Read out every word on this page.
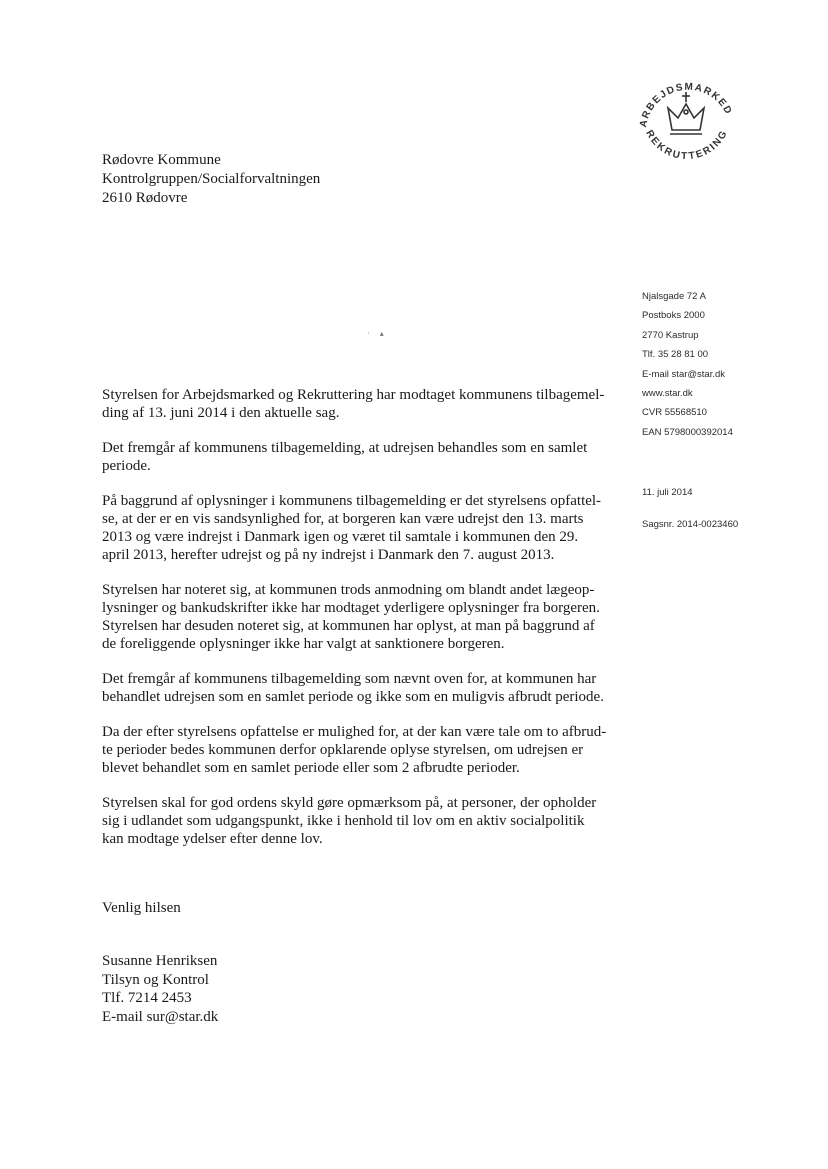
ARBEJDSMARKED
REKRUTTERING
Rødovre Kommune
Kontrolgruppen/Socialforvaltningen
2610 Rødovre
·    ▴
Njalsgade 72 A
Postboks 2000
2770 Kastrup
Tlf. 35 28 81 00
E-mail star@star.dk
www.star.dk
CVR 55568510
EAN 5798000392014
11. juli 2014
Sagsnr. 2014-0023460

Styrelsen for Arbejdsmarked og Rekruttering har modtaget kommunens tilbagemel-
ding af 13. juni 2014 i den aktuelle sag.

Det fremgår af kommunens tilbagemelding, at udrejsen behandles som en samlet
periode.

På baggrund af oplysninger i kommunens tilbagemelding er det styrelsens opfattel-
se, at der er en vis sandsynlighed for, at borgeren kan være udrejst den 13. marts
2013 og være indrejst i Danmark igen og været til samtale i kommunen den 29.
april 2013, herefter udrejst og på ny indrejst i Danmark den 7. august 2013.

Styrelsen har noteret sig, at kommunen trods anmodning om blandt andet lægeop-
lysninger og bankudskrifter ikke har modtaget yderligere oplysninger fra borgeren.
Styrelsen har desuden noteret sig, at kommunen har oplyst, at man på baggrund af
de foreliggende oplysninger ikke har valgt at sanktionere borgeren.

Det fremgår af kommunens tilbagemelding som nævnt oven for, at kommunen har
behandlet udrejsen som en samlet periode og ikke som en muligvis afbrudt periode.

Da der efter styrelsens opfattelse er mulighed for, at der kan være tale om to afbrud-
te perioder bedes kommunen derfor opklarende oplyse styrelsen, om udrejsen er
blevet behandlet som en samlet periode eller som 2 afbrudte perioder.

Styrelsen skal for god ordens skyld gøre opmærksom på, at personer, der opholder
sig i udlandet som udgangspunkt, ikke i henhold til lov om en aktiv socialpolitik
kan modtage ydelser efter denne lov.

Venlig hilsen
Susanne Henriksen
Tilsyn og Kontrol
Tlf. 7214 2453
E-mail sur@star.dk
